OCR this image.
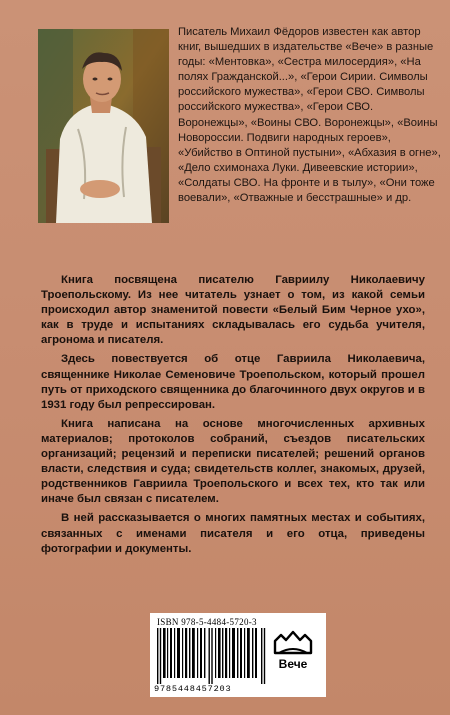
Писатель Михаил Фёдоров известен как автор книг, вышедших в издательстве «Вече» в разные годы: «Ментовка», «Сестра милосердия», «На полях Гражданской...», «Герои Сирии. Символы российского мужества», «Герои СВО. Символы российского мужества», «Герои СВО. Воронежцы», «Воины СВО. Воронежцы», «Воины Новороссии. Подвиги народных героев», «Убийство в Оптиной пустыни», «Абхазия в огне», «Дело схимонаха Луки. Дивеевские истории», «Солдаты СВО. На фронте и в тылу», «Они тоже воевали», «Отважные и бесстрашные» и др.

Книга посвящена писателю Гавриилу Николаевичу Троепольскому. Из нее читатель узнает о том, из какой семьи происходил автор знаменитой повести «Белый Бим Черное ухо», как в труде и испытаниях складывалась его судьба учителя, агронома и писателя.

Здесь повествуется об отце Гавриила Николаевича, священнике Николае Семеновиче Троепольском, который прошел путь от приходского священника до благочинного двух округов и в 1931 году был репрессирован.

Книга написана на основе многочисленных архивных материалов; протоколов собраний, съездов писательских организаций; рецензий и переписки писателей; решений органов власти, следствия и суда; свидетельств коллег, знакомых, друзей, родственников Гавриила Троепольского и всех тех, кто так или иначе был связан с писателем.

В ней рассказывается о многих памятных местах и событиях, связанных с именами писателя и его отца, приведены фотографии и документы.

ISBN 978-5-4484-5720-3
9785448457203
Вече
